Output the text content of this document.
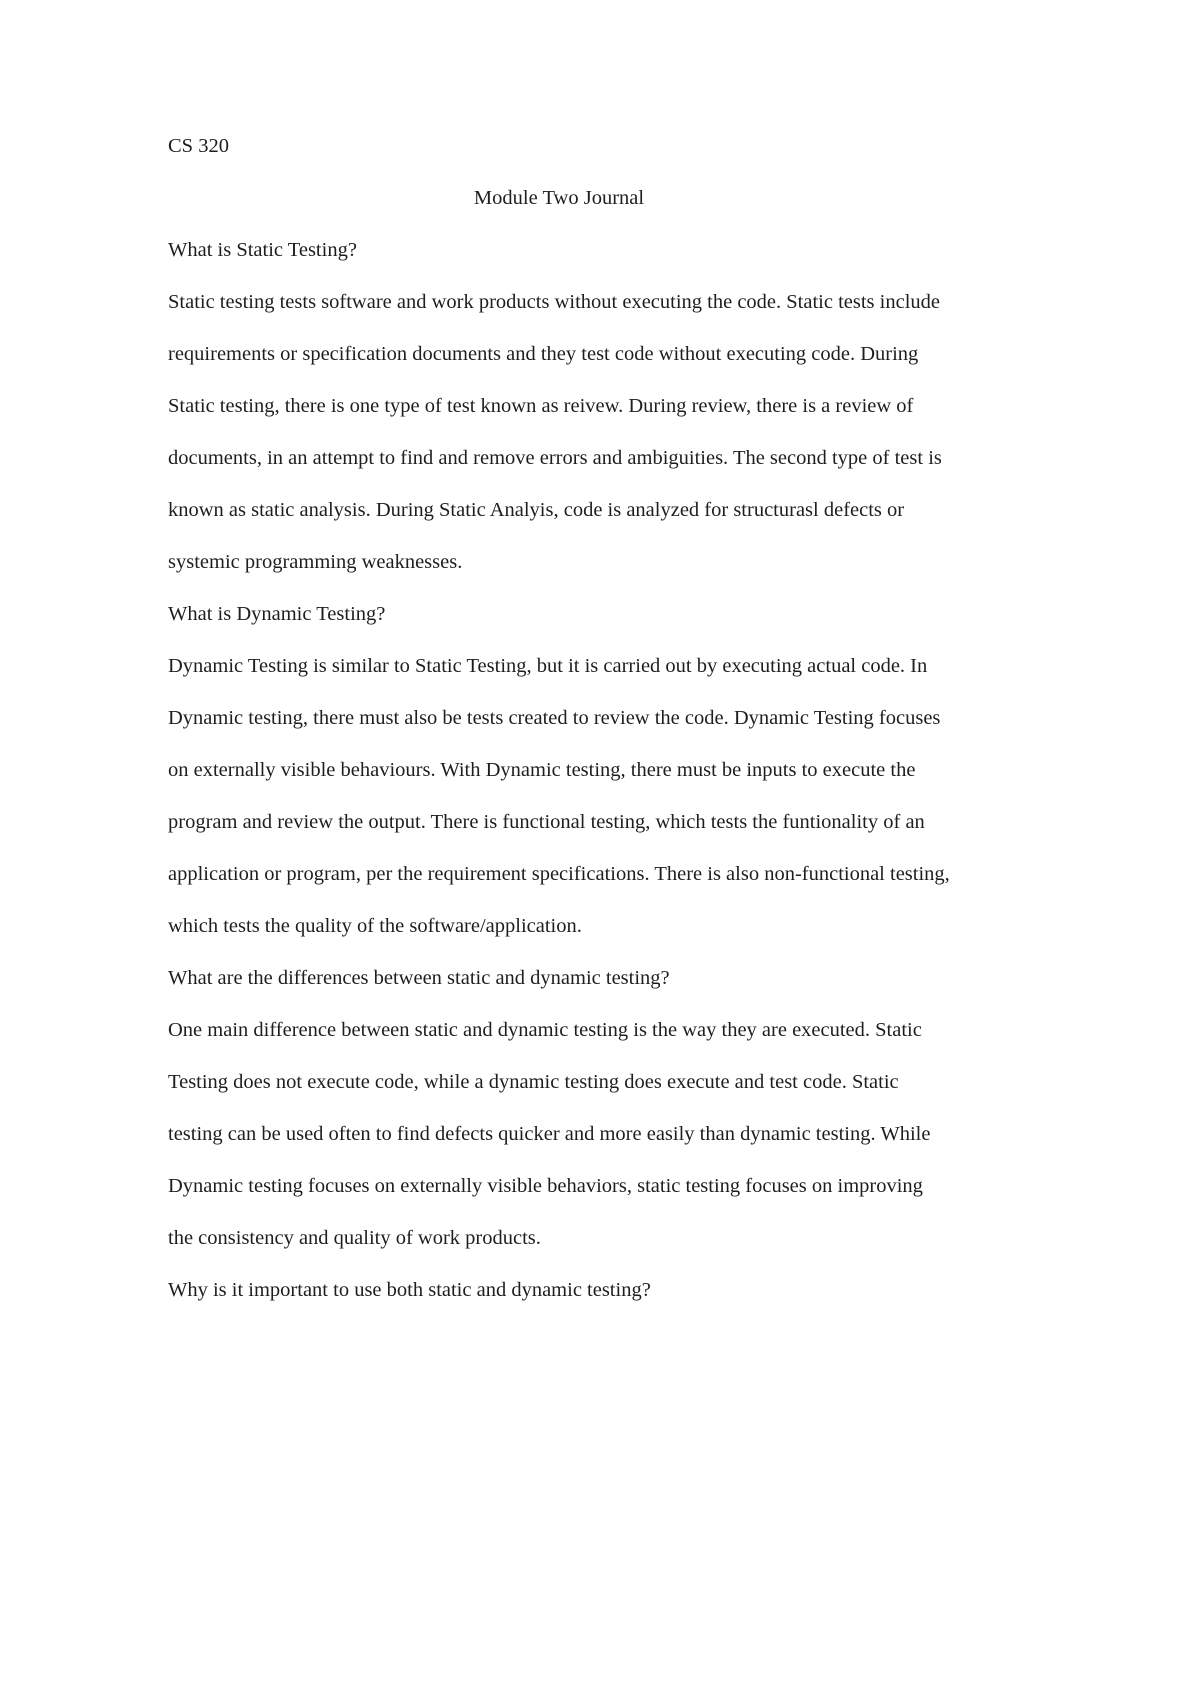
CS 320

Module Two Journal
What is Static Testing?

Static testing tests software and work products without executing the code. Static tests include requirements or specification documents and they test code without executing code. During Static testing, there is one type of test known as reivew. During review, there is a review of documents, in an attempt to find and remove errors and ambiguities. The second type of test is known as static analysis. During Static Analyis, code is analyzed for structurasl defects or systemic programming weaknesses.

What is Dynamic Testing?

Dynamic Testing is similar to Static Testing, but it is carried out by executing actual code. In Dynamic testing, there must also be tests created to review the code. Dynamic Testing focuses on externally visible behaviours. With Dynamic testing, there must be inputs to execute the program and review the output. There is functional testing, which tests the funtionality of an application or program, per the requirement specifications. There is also non-functional testing, which tests the quality of the software/application.

What are the differences between static and dynamic testing?

One main difference between static and dynamic testing is the way they are executed. Static Testing does not execute code, while a dynamic testing does execute and test code. Static testing can be used often to find defects quicker and more easily than dynamic testing. While Dynamic testing focuses on externally visible behaviors, static testing focuses on improving the consistency and quality of work products.

Why is it important to use both static and dynamic testing?
